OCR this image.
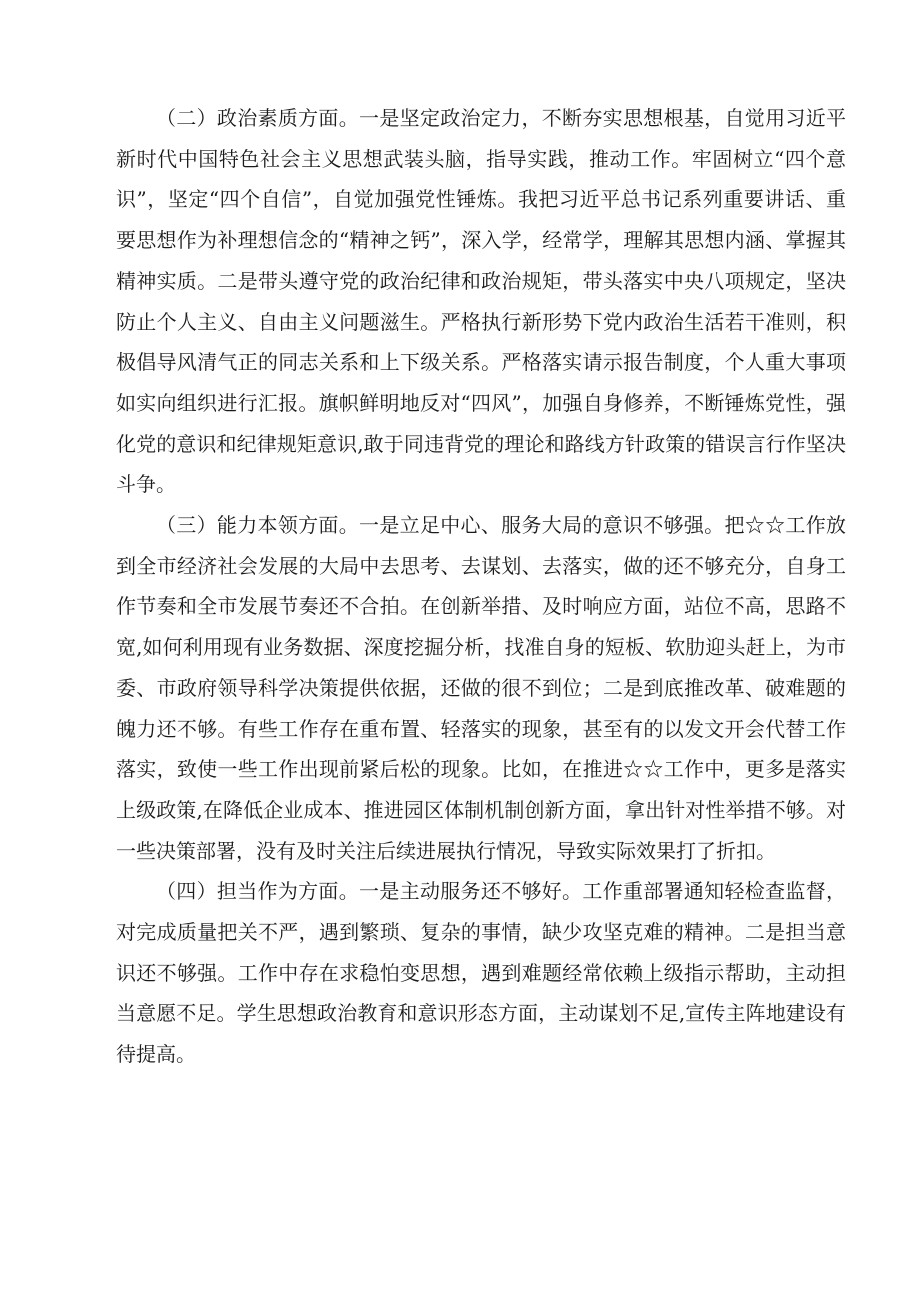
（二）政治素质方面。一是坚定政治定力，不断夯实思想根基，自觉用习近平新时代中国特色社会主义思想武装头脑，指导实践，推动工作。牢固树立“四个意识”，坚定“四个自信”，自觉加强党性锤炼。我把习近平总书记系列重要讲话、重要思想作为补理想信念的“精神之钙”，深入学，经常学，理解其思想内涵、掌握其精神实质。二是带头遵守党的政治纪律和政治规矩，带头落实中央八项规定，坚决防止个人主义、自由主义问题滋生。严格执行新形势下党内政治生活若干准则，积极倡导风清气正的同志关系和上下级关系。严格落实请示报告制度，个人重大事项如实向组织进行汇报。旗帜鲜明地反对“四风”，加强自身修养，不断锤炼党性，强化党的意识和纪律规矩意识,敢于同违背党的理论和路线方针政策的错误言行作坚决斗争。

（三）能力本领方面。一是立足中心、服务大局的意识不够强。把☆☆工作放到全市经济社会发展的大局中去思考、去谋划、去落实，做的还不够充分，自身工作节奏和全市发展节奏还不合拍。在创新举措、及时响应方面，站位不高，思路不宽,如何利用现有业务数据、深度挖掘分析，找准自身的短板、软肋迎头赶上，为市委、市政府领导科学决策提供依据，还做的很不到位；二是到底推改革、破难题的魄力还不够。有些工作存在重布置、轻落实的现象，甚至有的以发文开会代替工作落实，致使一些工作出现前紧后松的现象。比如，在推进☆☆工作中，更多是落实上级政策,在降低企业成本、推进园区体制机制创新方面，拿出针对性举措不够。对一些决策部署，没有及时关注后续进展执行情况，导致实际效果打了折扣。

（四）担当作为方面。一是主动服务还不够好。工作重部署通知轻检查监督，对完成质量把关不严，遇到繁琐、复杂的事情，缺少攻坚克难的精神。二是担当意识还不够强。工作中存在求稳怕变思想，遇到难题经常依赖上级指示帮助，主动担当意愿不足。学生思想政治教育和意识形态方面，主动谋划不足,宣传主阵地建设有待提高。
